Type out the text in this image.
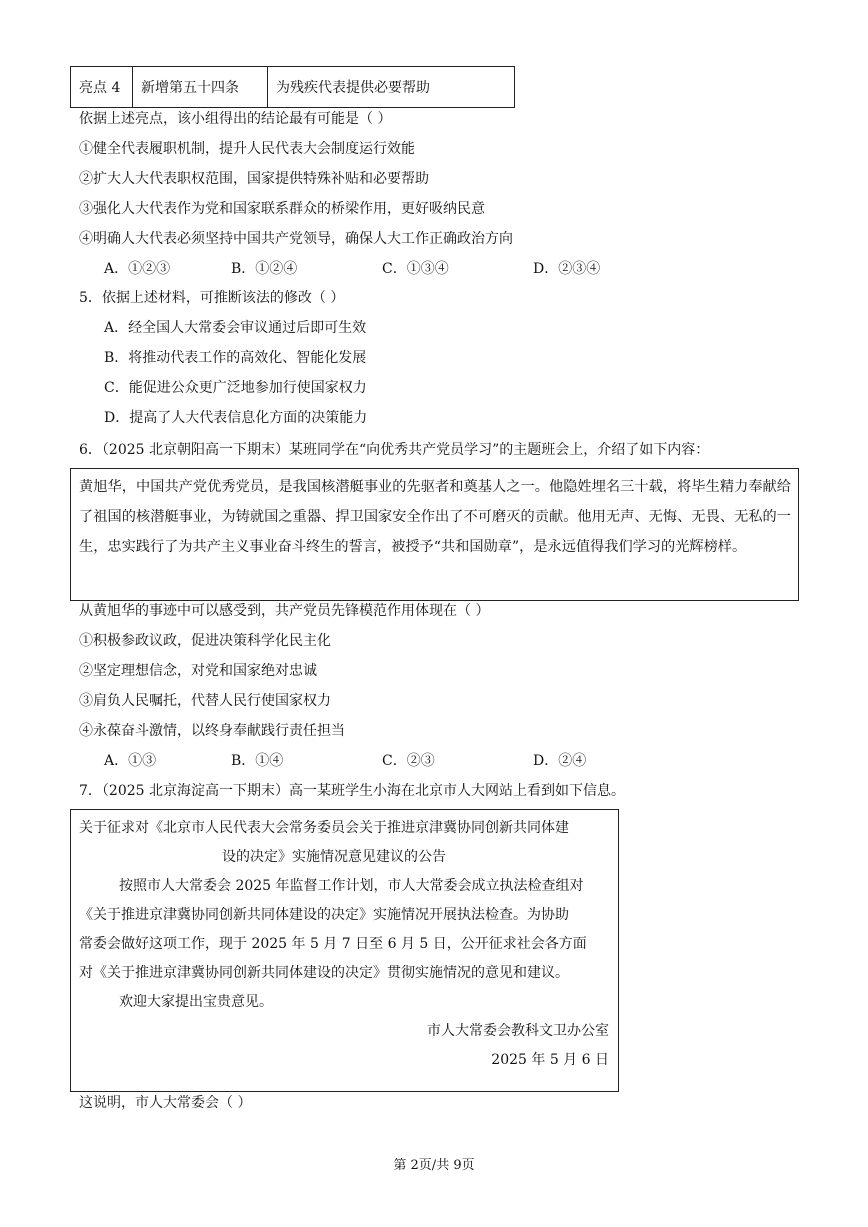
亮点 4	新增第五十四条	为残疾代表提供必要帮助
依据上述亮点，该小组得出的结论最有可能是（ ）
①健全代表履职机制，提升人民代表大会制度运行效能
②扩大人大代表职权范围，国家提供特殊补贴和必要帮助
③强化人大代表作为党和国家联系群众的桥梁作用，更好吸纳民意
④明确人大代表必须坚持中国共产党领导，确保人大工作正确政治方向
A．①②③	B．①②④	C．①③④	D．②③④
5．依据上述材料，可推断该法的修改（ ）
A．经全国人大常委会审议通过后即可生效
B．将推动代表工作的高效化、智能化发展
C．能促进公众更广泛地参加行使国家权力
D．提高了人大代表信息化方面的决策能力
6．（2025 北京朝阳高一下期末）某班同学在“向优秀共产党员学习”的主题班会上，介绍了如下内容：
黄旭华，中国共产党优秀党员，是我国核潜艇事业的先驱者和奠基人之一。他隐姓埋名三十载，将毕生精力奉献给了祖国的核潜艇事业，为铸就国之重器、捍卫国家安全作出了不可磨灭的贡献。他用无声、无悔、无畏、无私的一生，忠实践行了为共产主义事业奋斗终生的誓言，被授予“共和国勋章”，是永远值得我们学习的光辉榜样。
从黄旭华的事迹中可以感受到，共产党员先锋模范作用体现在（ ）
①积极参政议政，促进决策科学化民主化
②坚定理想信念，对党和国家绝对忠诚
③肩负人民嘱托，代替人民行使国家权力
④永葆奋斗激情，以终身奉献践行责任担当
A．①③	B．①④	C．②③	D．②④
7．（2025 北京海淀高一下期末）高一某班学生小海在北京市人大网站上看到如下信息。
关于征求对《北京市人民代表大会常务委员会关于推进京津冀协同创新共同体建
设的决定》实施情况意见建议的公告
按照市人大常委会 2025 年监督工作计划，市人大常委会成立执法检查组对
《关于推进京津冀协同创新共同体建设的决定》实施情况开展执法检查。为协助
常委会做好这项工作，现于 2025 年 5 月 7 日至 6 月 5 日，公开征求社会各方面
对《关于推进京津冀协同创新共同体建设的决定》贯彻实施情况的意见和建议。
欢迎大家提出宝贵意见。
市人大常委会教科文卫办公室
2025 年 5 月 6 日
这说明，市人大常委会（ ）
第 2页/共 9页
